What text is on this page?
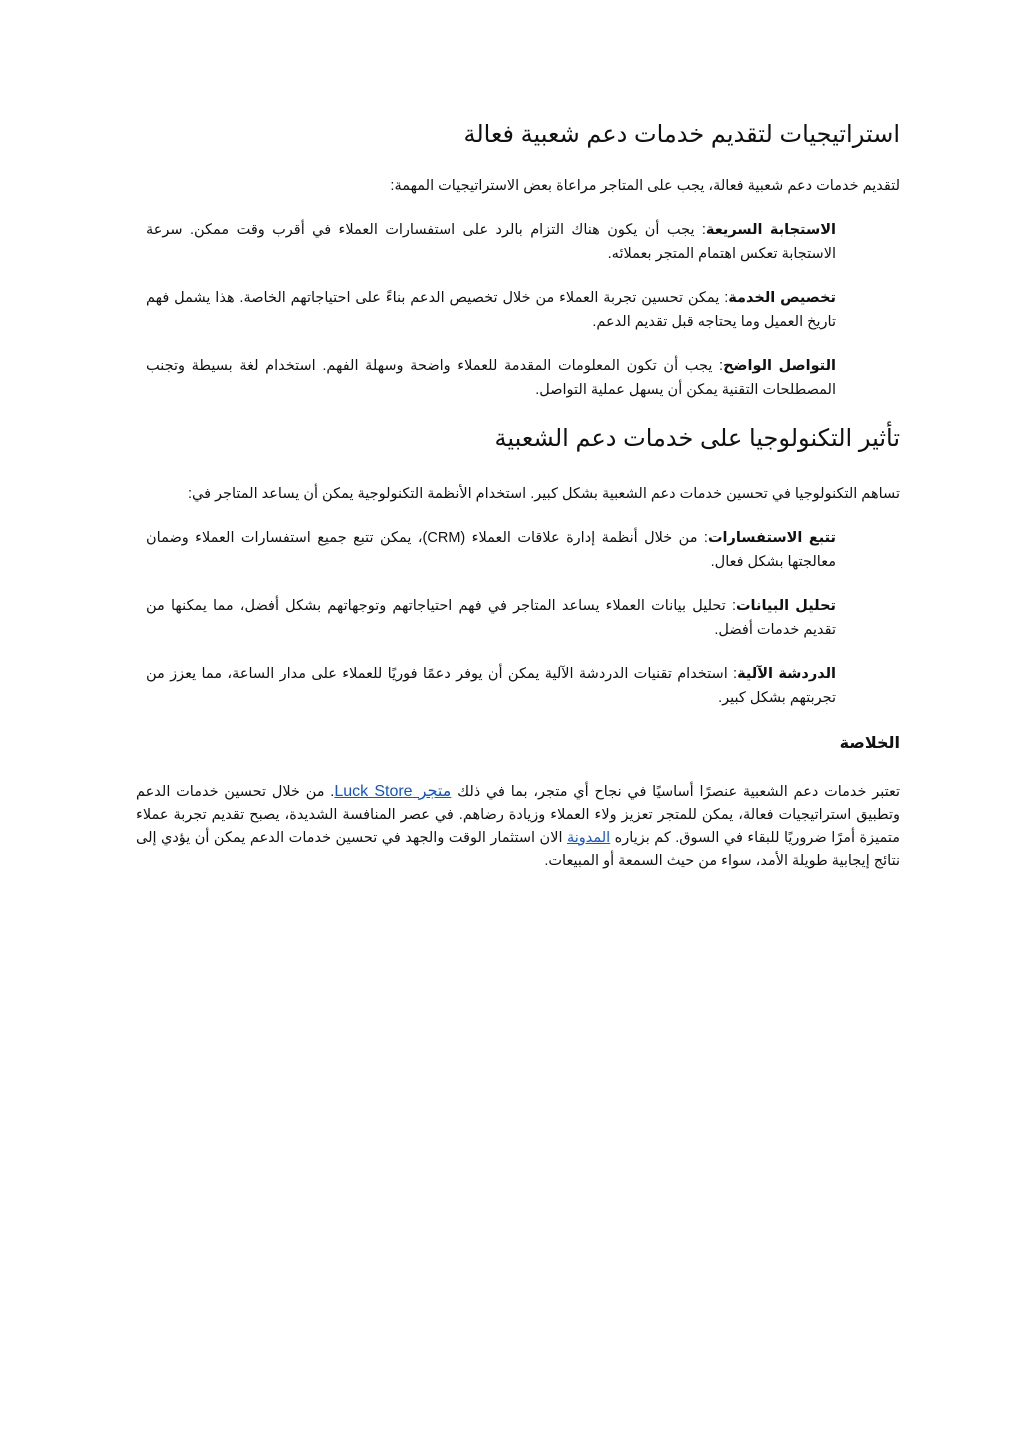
استراتيجيات لتقديم خدمات دعم شعبية فعالة

لتقديم خدمات دعم شعبية فعالة، يجب على المتاجر مراعاة بعض الاستراتيجيات المهمة:

الاستجابة السريعة: يجب أن يكون هناك التزام بالرد على استفسارات العملاء في أقرب وقت ممكن. سرعة الاستجابة تعكس اهتمام المتجر بعملائه.
تخصيص الخدمة: يمكن تحسين تجربة العملاء من خلال تخصيص الدعم بناءً على احتياجاتهم الخاصة. هذا يشمل فهم تاريخ العميل وما يحتاجه قبل تقديم الدعم.
التواصل الواضح: يجب أن تكون المعلومات المقدمة للعملاء واضحة وسهلة الفهم. استخدام لغة بسيطة وتجنب المصطلحات التقنية يمكن أن يسهل عملية التواصل.
تأثير التكنولوجيا على خدمات دعم الشعبية

تساهم التكنولوجيا في تحسين خدمات دعم الشعبية بشكل كبير. استخدام الأنظمة التكنولوجية يمكن أن يساعد المتاجر في:

تتبع الاستفسارات: من خلال أنظمة إدارة علاقات العملاء (CRM)، يمكن تتبع جميع استفسارات العملاء وضمان معالجتها بشكل فعال.
تحليل البيانات: تحليل بيانات العملاء يساعد المتاجر في فهم احتياجاتهم وتوجهاتهم بشكل أفضل، مما يمكنها من تقديم خدمات أفضل.
الدردشة الآلية: استخدام تقنيات الدردشة الآلية يمكن أن يوفر دعمًا فوريًا للعملاء على مدار الساعة، مما يعزز من تجربتهم بشكل كبير.
الخلاصة

تعتبر خدمات دعم الشعبية عنصرًا أساسيًا في نجاح أي متجر، بما في ذلك متجر Luck Store. من خلال تحسين خدمات الدعم وتطبيق استراتيجيات فعالة، يمكن للمتجر تعزيز ولاء العملاء وزيادة رضاهم. في عصر المنافسة الشديدة، يصبح تقديم تجربة عملاء متميزة أمرًا ضروريًا للبقاء في السوق. كم بزياره المدونة الان استثمار الوقت والجهد في تحسين خدمات الدعم يمكن أن يؤدي إلى نتائج إيجابية طويلة الأمد، سواء من حيث السمعة أو المبيعات.
